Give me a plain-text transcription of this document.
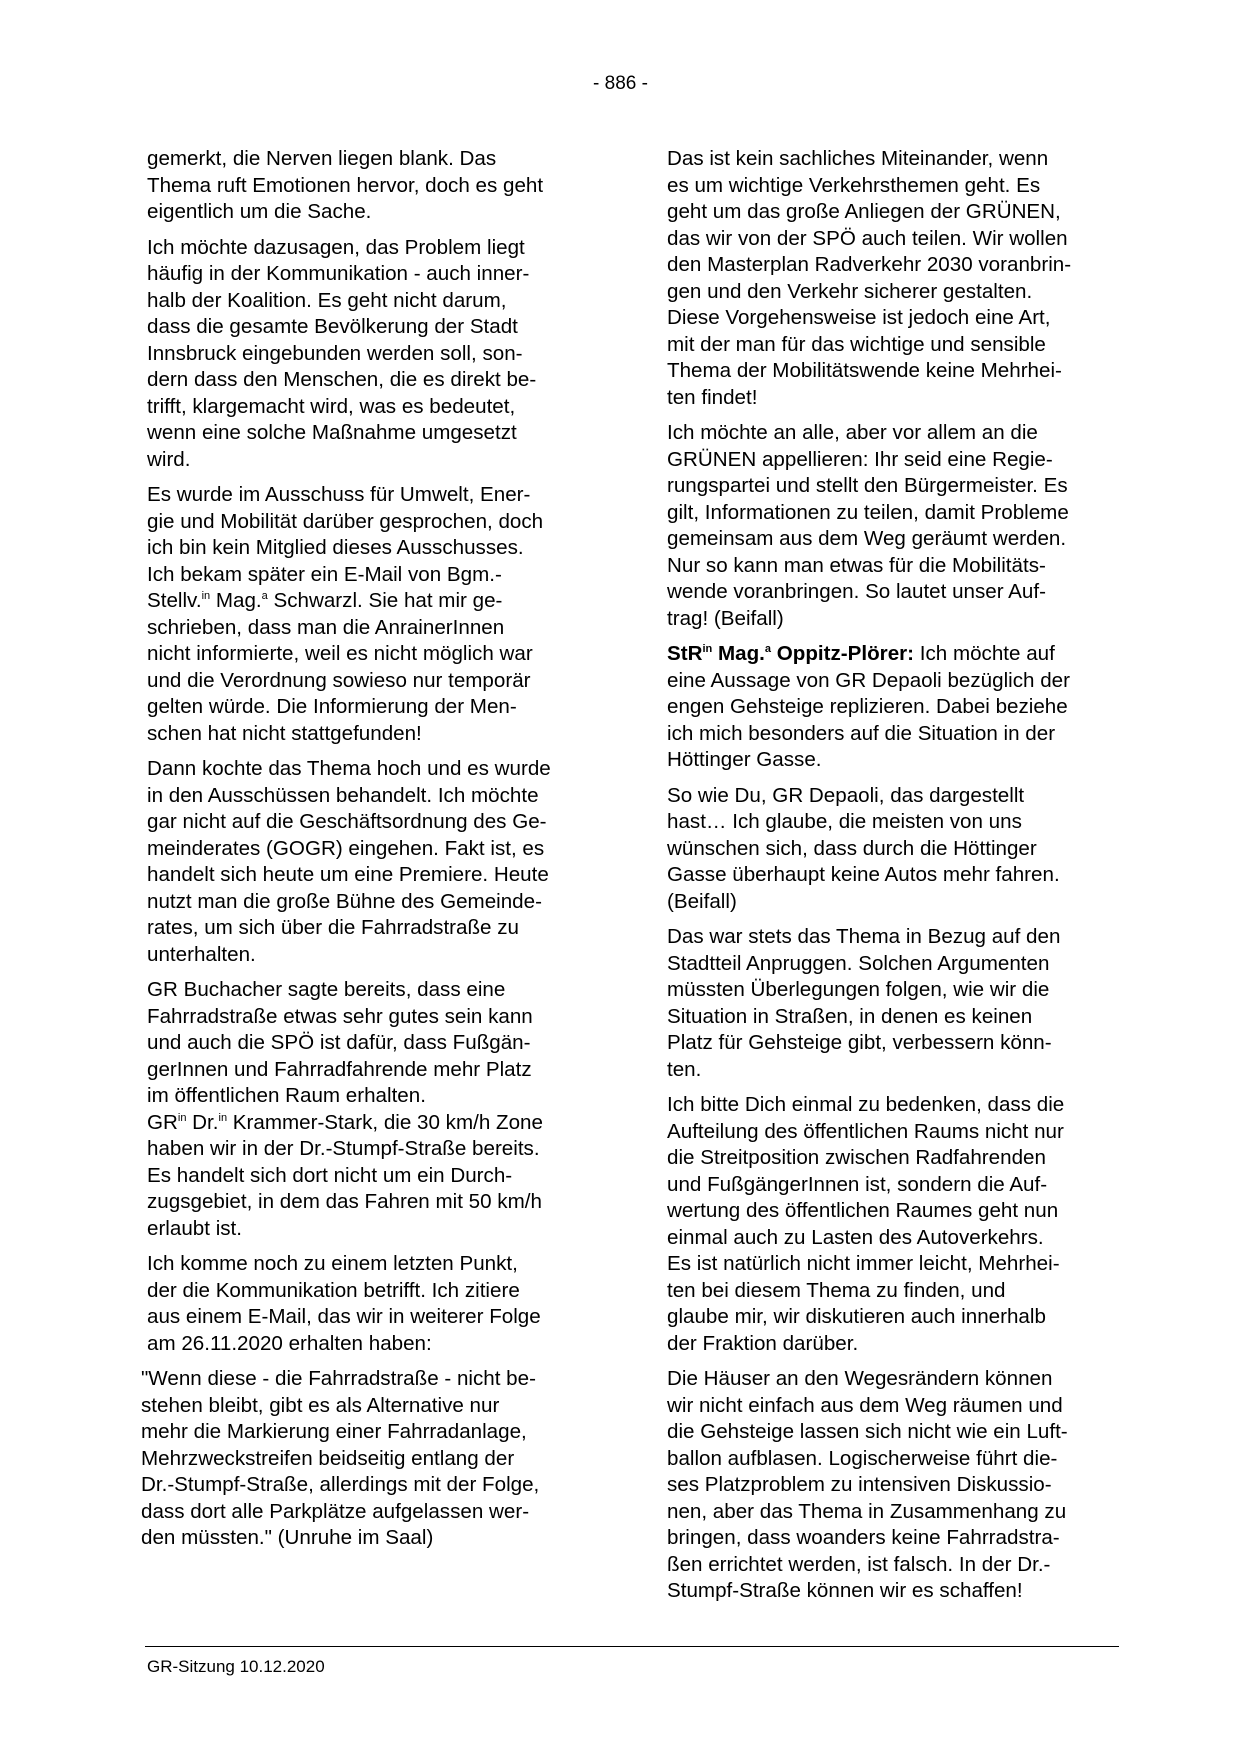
- 886 -

gemerkt, die Nerven liegen blank. Das
Thema ruft Emotionen hervor, doch es geht
eigentlich um die Sache.

Ich möchte dazusagen, das Problem liegt
häufig in der Kommunikation - auch inner-
halb der Koalition. Es geht nicht darum,
dass die gesamte Bevölkerung der Stadt
Innsbruck eingebunden werden soll, son-
dern dass den Menschen, die es direkt be-
trifft, klargemacht wird, was es bedeutet,
wenn eine solche Maßnahme umgesetzt
wird.

Es wurde im Ausschuss für Umwelt, Ener-
gie und Mobilität darüber gesprochen, doch
ich bin kein Mitglied dieses Ausschusses.
Ich bekam später ein E-Mail von Bgm.-
Stellv.$^{in}$ Mag.$^a$ Schwarzl. Sie hat mir ge-
schrieben, dass man die AnrainerInnen
nicht informierte, weil es nicht möglich war
und die Verordnung sowieso nur temporär
gelten würde. Die Informierung der Men-
schen hat nicht stattgefunden!

Dann kochte das Thema hoch und es wurde
in den Ausschüssen behandelt. Ich möchte
gar nicht auf die Geschäftsordnung des Ge-
meinderates (GOGR) eingehen. Fakt ist, es
handelt sich heute um eine Premiere. Heute
nutzt man die große Bühne des Gemeinde-
rates, um sich über die Fahrradstraße zu
unterhalten.

GR Buchacher sagte bereits, dass eine
Fahrradstraße etwas sehr gutes sein kann
und auch die SPÖ ist dafür, dass Fußgän-
gerInnen und Fahrradfahrende mehr Platz
im öffentlichen Raum erhalten.
$GR^{in}$ Dr.$^{in}$ Krammer-Stark, die 30 km/h Zone
haben wir in der Dr.-Stumpf-Straße bereits.
Es handelt sich dort nicht um ein Durch-
zugsgebiet, in dem das Fahren mit 50 km/h
erlaubt ist.

Ich komme noch zu einem letzten Punkt,
der die Kommunikation betrifft. Ich zitiere
aus einem E-Mail, das wir in weiterer Folge
am 26.11.2020 erhalten haben:

"Wenn diese - die Fahrradstraße - nicht be-
stehen bleibt, gibt es als Alternative nur
mehr die Markierung einer Fahrradanlage,
Mehrzweckstreifen beidseitig entlang der
Dr.-Stumpf-Straße, allerdings mit der Folge,
dass dort alle Parkplätze aufgelassen wer-
den müssten." (Unruhe im Saal)

Das ist kein sachliches Miteinander, wenn
es um wichtige Verkehrsthemen geht. Es
geht um das große Anliegen der GRÜNEN,
das wir von der SPÖ auch teilen. Wir wollen
den Masterplan Radverkehr 2030 voranbrin-
gen und den Verkehr sicherer gestalten.
Diese Vorgehensweise ist jedoch eine Art,
mit der man für das wichtige und sensible
Thema der Mobilitätswende keine Mehrhei-
ten findet!

Ich möchte an alle, aber vor allem an die
GRÜNEN appellieren: Ihr seid eine Regie-
rungspartei und stellt den Bürgermeister. Es
gilt, Informationen zu teilen, damit Probleme
gemeinsam aus dem Weg geräumt werden.
Nur so kann man etwas für die Mobilitäts-
wende voranbringen. So lautet unser Auf-
trag! (Beifall)

StR$^{in}$ Mag.$^a$ Oppitz-Plörer: Ich möchte auf
eine Aussage von GR Depaoli bezüglich der
engen Gehsteige replizieren. Dabei beziehe
ich mich besonders auf die Situation in der
Höttinger Gasse.

So wie Du, GR Depaoli, das dargestellt
hast… Ich glaube, die meisten von uns
wünschen sich, dass durch die Höttinger
Gasse überhaupt keine Autos mehr fahren.
(Beifall)

Das war stets das Thema in Bezug auf den
Stadtteil Anpruggen. Solchen Argumenten
müssten Überlegungen folgen, wie wir die
Situation in Straßen, in denen es keinen
Platz für Gehsteige gibt, verbessern könn-
ten.

Ich bitte Dich einmal zu bedenken, dass die
Aufteilung des öffentlichen Raums nicht nur
die Streitposition zwischen Radfahrenden
und FußgängerInnen ist, sondern die Auf-
wertung des öffentlichen Raumes geht nun
einmal auch zu Lasten des Autoverkehrs.
Es ist natürlich nicht immer leicht, Mehrhei-
ten bei diesem Thema zu finden, und
glaube mir, wir diskutieren auch innerhalb
der Fraktion darüber.

Die Häuser an den Wegesrändern können
wir nicht einfach aus dem Weg räumen und
die Gehsteige lassen sich nicht wie ein Luft-
ballon aufblasen. Logischerweise führt die-
ses Platzproblem zu intensiven Diskussio-
nen, aber das Thema in Zusammenhang zu
bringen, dass woanders keine Fahrradstra-
ßen errichtet werden, ist falsch. In der Dr.-
Stumpf-Straße können wir es schaffen!

GR-Sitzung 10.12.2020
